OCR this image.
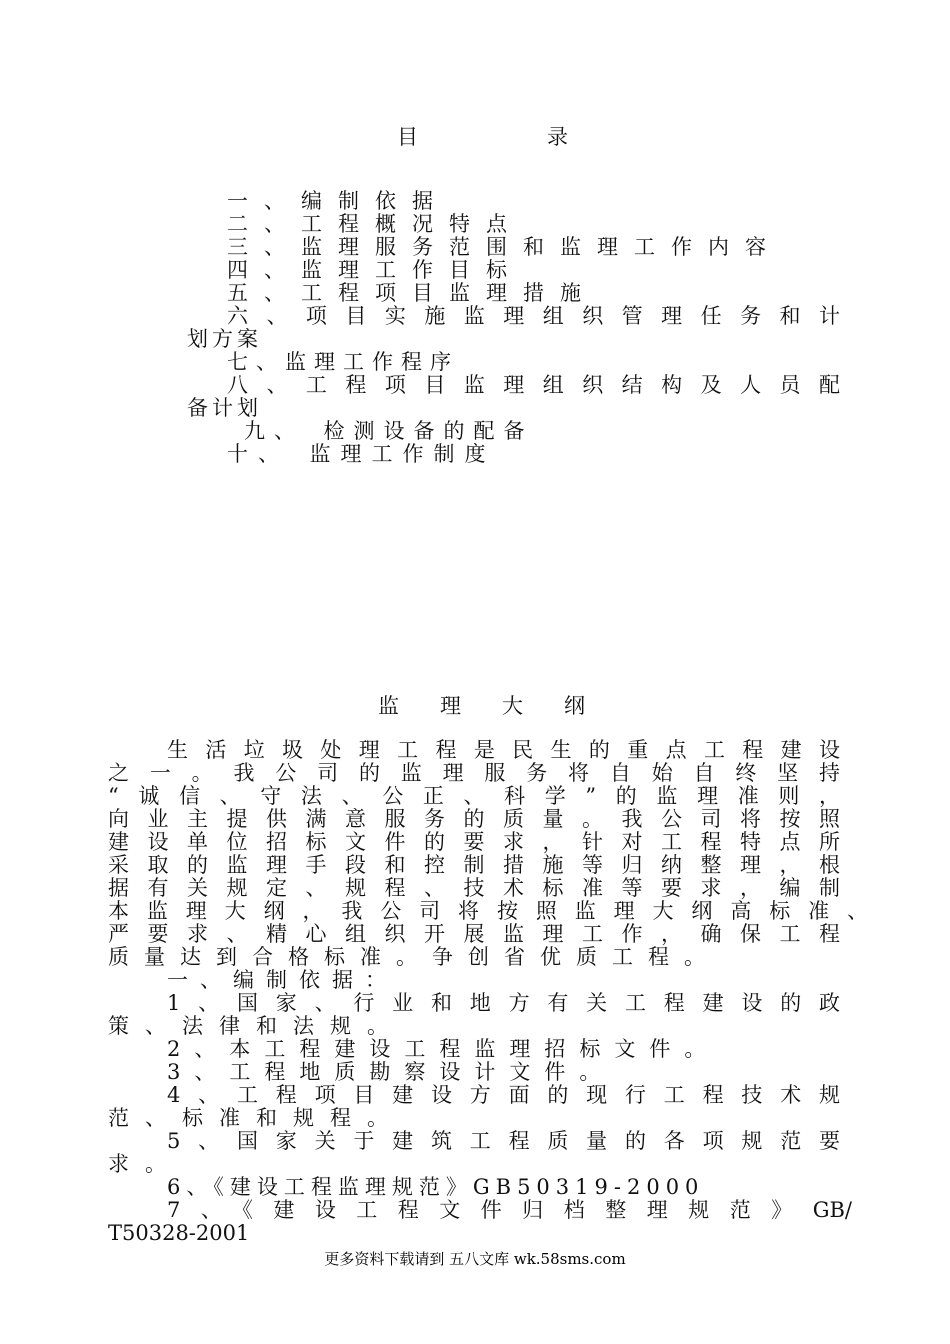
目　　　　　录
一、编制依据
二、工程概况特点
三、监理服务范围和监理工作内容
四、监理工作目标
五、工程项目监理措施
六、项目实施监理组织管理任务和计
划方案
七、监理工作程序
八、工程项目监理组织结构及人员配
备计划
九、　检测设备的配备
十、　监理工作制度
监　理　大　纲
生活垃圾处理工程是民生的重点工程建设
之一。我公司的监理服务将自始自终坚持
“诚信、守法、公正、科学”的监理准则，
向业主提供满意服务的质量。我公司将按照
建设单位招标文件的要求，针对工程特点所
采取的监理手段和控制措施等归纳整理，根
据有关规定、规程、技术标准等要求，编制
本监理大纲，我公司将按照监理大纲高标准、
严要求、精心组织开展监理工作，确保工程
质量达到合格标准。争创省优质工程。
一、编制依据：
1、国家、行业和地方有关工程建设的政
策、法律和法规。
2、本工程建设工程监理招标文件。
3、工程地质勘察设计文件。
4、工程项目建设方面的现行工程技术规
范、标准和规程。
5、国家关于建筑工程质量的各项规范要
求。
6、《建设工程监理规范》GB50319-2000
7、《建设工程文件归档整理规范》GB/
T50328-2001
更多资料下载请到 五八文库 wk.58sms.com
